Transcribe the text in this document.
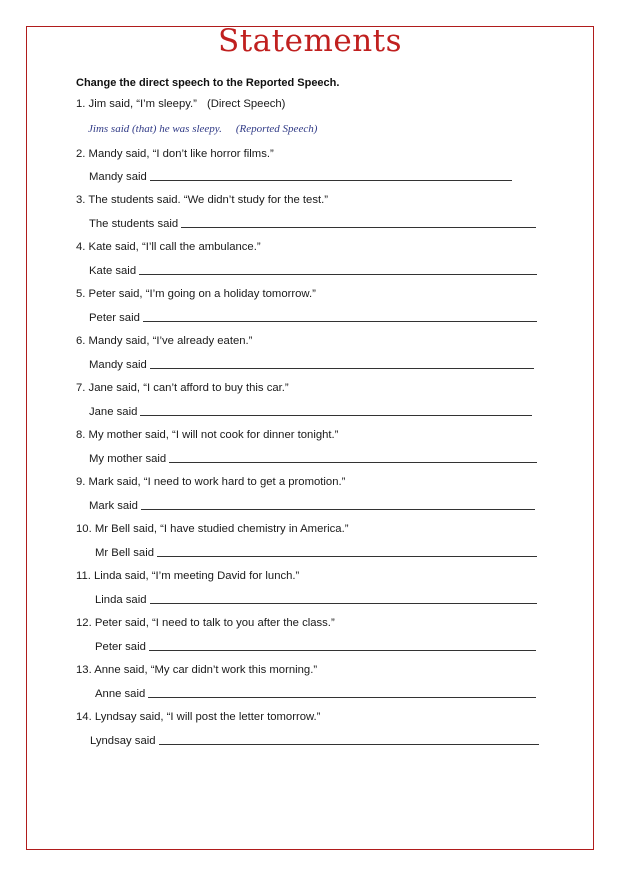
Statements
Change the direct speech to the Reported Speech.
1. Jim said, “I’m sleepy.” (Direct Speech)
Jims said (that) he was sleepy. (Reported Speech)
2. Mandy said, “I don’t like horror films.”
Mandy said
3. The students said. “We didn’t study for the test.”
The students said
4. Kate said, “I’ll call the ambulance.”
Kate said
5. Peter said, “I’m going on a holiday tomorrow.”
Peter said
6. Mandy said, “I’ve already eaten.”
Mandy said
7. Jane said, “I can’t afford to buy this car.”
Jane said
8. My mother said, “I will not cook for dinner tonight.”
My mother said
9. Mark said, “I need to work hard to get a promotion.”
Mark said
10. Mr Bell said, “I have studied chemistry in America.”
Mr Bell said
11. Linda said, “I’m meeting David for lunch.”
Linda said
12. Peter said, “I need to talk to you after the class.”
Peter said
13. Anne said, “My car didn’t work this morning.”
Anne said
14. Lyndsay said, “I will post the letter tomorrow.”
Lyndsay said
